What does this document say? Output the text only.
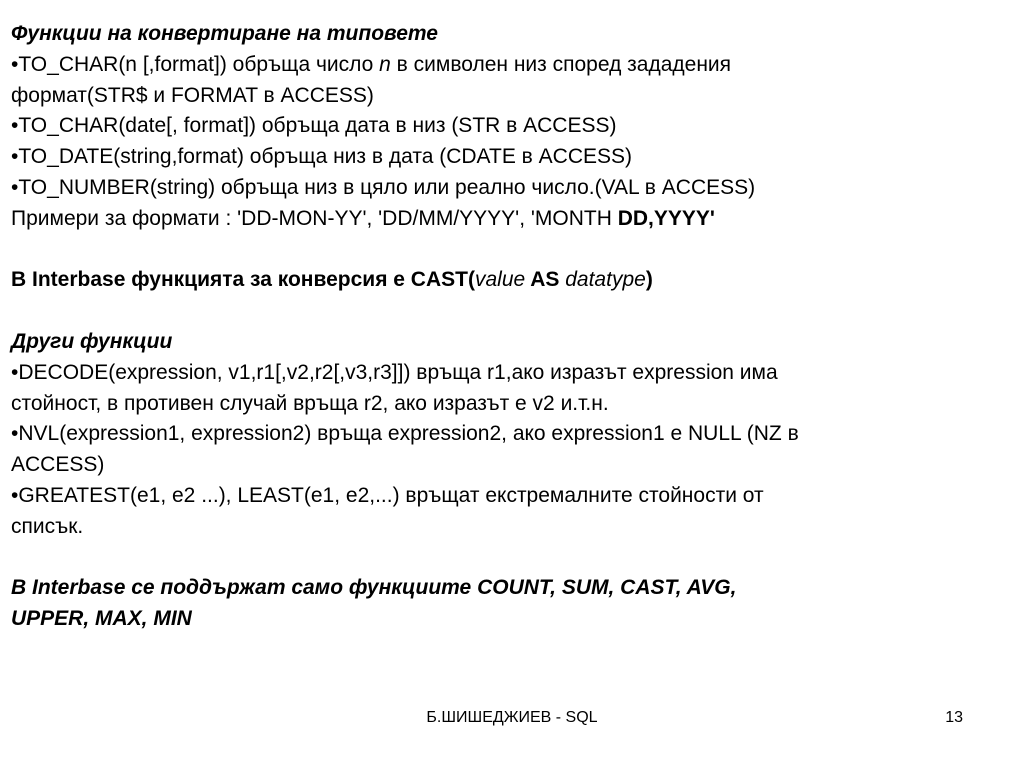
Функции на конвертиране на типовете
•TO_CHAR(n [,format]) обръща число n в символен низ според зададения
формат(STR$ и FORMAT в ACCESS)
•TO_CHAR(date[, format]) обръща дата в низ (STR в ACCESS)
•TO_DATE(string,format) обръща низ в дата (CDATE в ACCESS)
•TO_NUMBER(string) обръща низ в цяло или реално число.(VAL в ACCESS)
Примери за формати : 'DD-MON-YY', 'DD/MM/YYYY', 'MONTH DD,YYYY'
В Interbase функцията за конверсия е CAST(value AS datatype)
Други функции
•DECODE(expression, v1,r1[,v2,r2[,v3,r3]]) връща r1,ако изразът expression има
стойност, в противен случай връща r2, ако изразът е v2 и.т.н.
•NVL(expression1, expression2) връща expression2, ако expression1 е NULL (NZ в
ACCESS)
•GREATEST(e1, e2 ...), LEAST(e1, e2,...) връщат екстремалните стойности от
списък.
В Interbase се поддържат само функциите COUNT, SUM, CAST, AVG,
UPPER, MAX, MIN
Б.ШИШЕДЖИЕВ - SQL	13
